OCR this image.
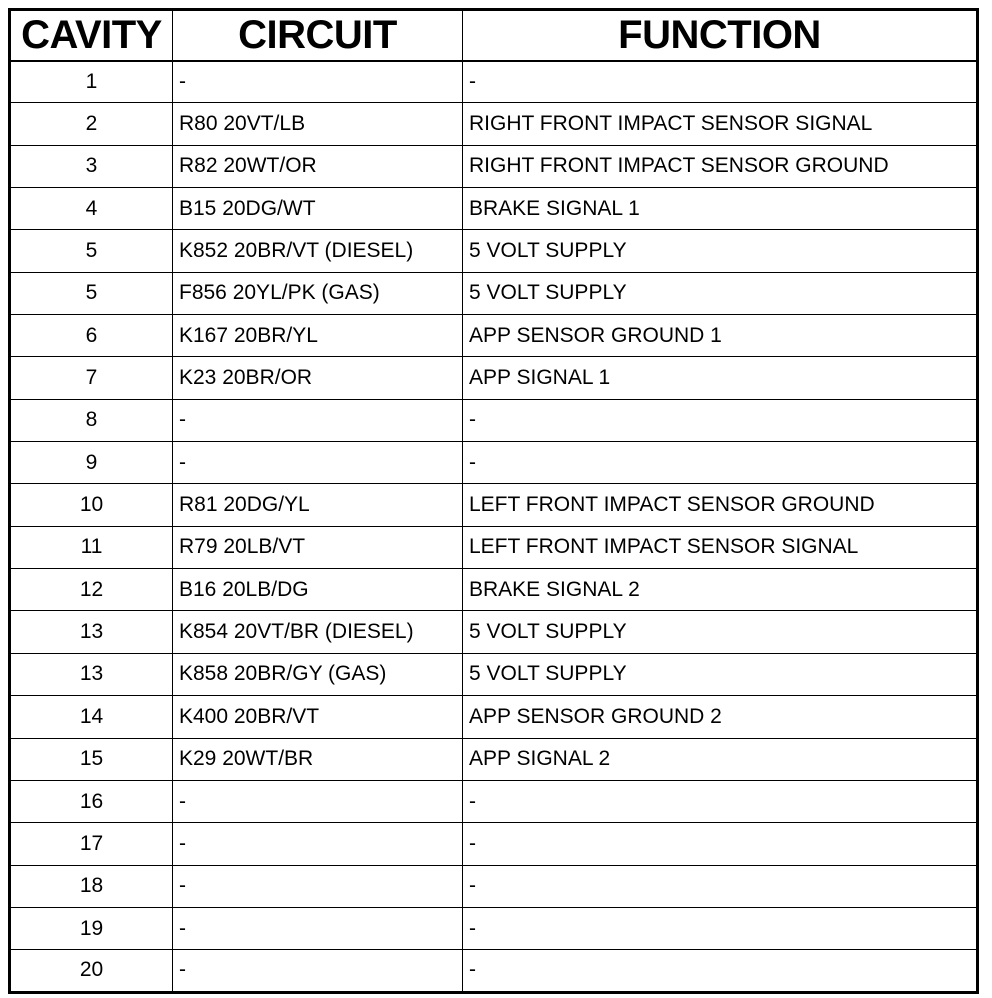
CAVITY	CIRCUIT	FUNCTION
1	-	-
2	R80 20VT/LB	RIGHT FRONT IMPACT SENSOR SIGNAL
3	R82 20WT/OR	RIGHT FRONT IMPACT SENSOR GROUND
4	B15 20DG/WT	BRAKE SIGNAL 1
5	K852 20BR/VT (DIESEL)	5 VOLT SUPPLY
5	F856 20YL/PK (GAS)	5 VOLT SUPPLY
6	K167 20BR/YL	APP SENSOR GROUND 1
7	K23 20BR/OR	APP SIGNAL 1
8	-	-
9	-	-
10	R81 20DG/YL	LEFT FRONT IMPACT SENSOR GROUND
11	R79 20LB/VT	LEFT FRONT IMPACT SENSOR SIGNAL
12	B16 20LB/DG	BRAKE SIGNAL 2
13	K854 20VT/BR (DIESEL)	5 VOLT SUPPLY
13	K858 20BR/GY (GAS)	5 VOLT SUPPLY
14	K400 20BR/VT	APP SENSOR GROUND 2
15	K29 20WT/BR	APP SIGNAL 2
16	-	-
17	-	-
18	-	-
19	-	-
20	-	-
